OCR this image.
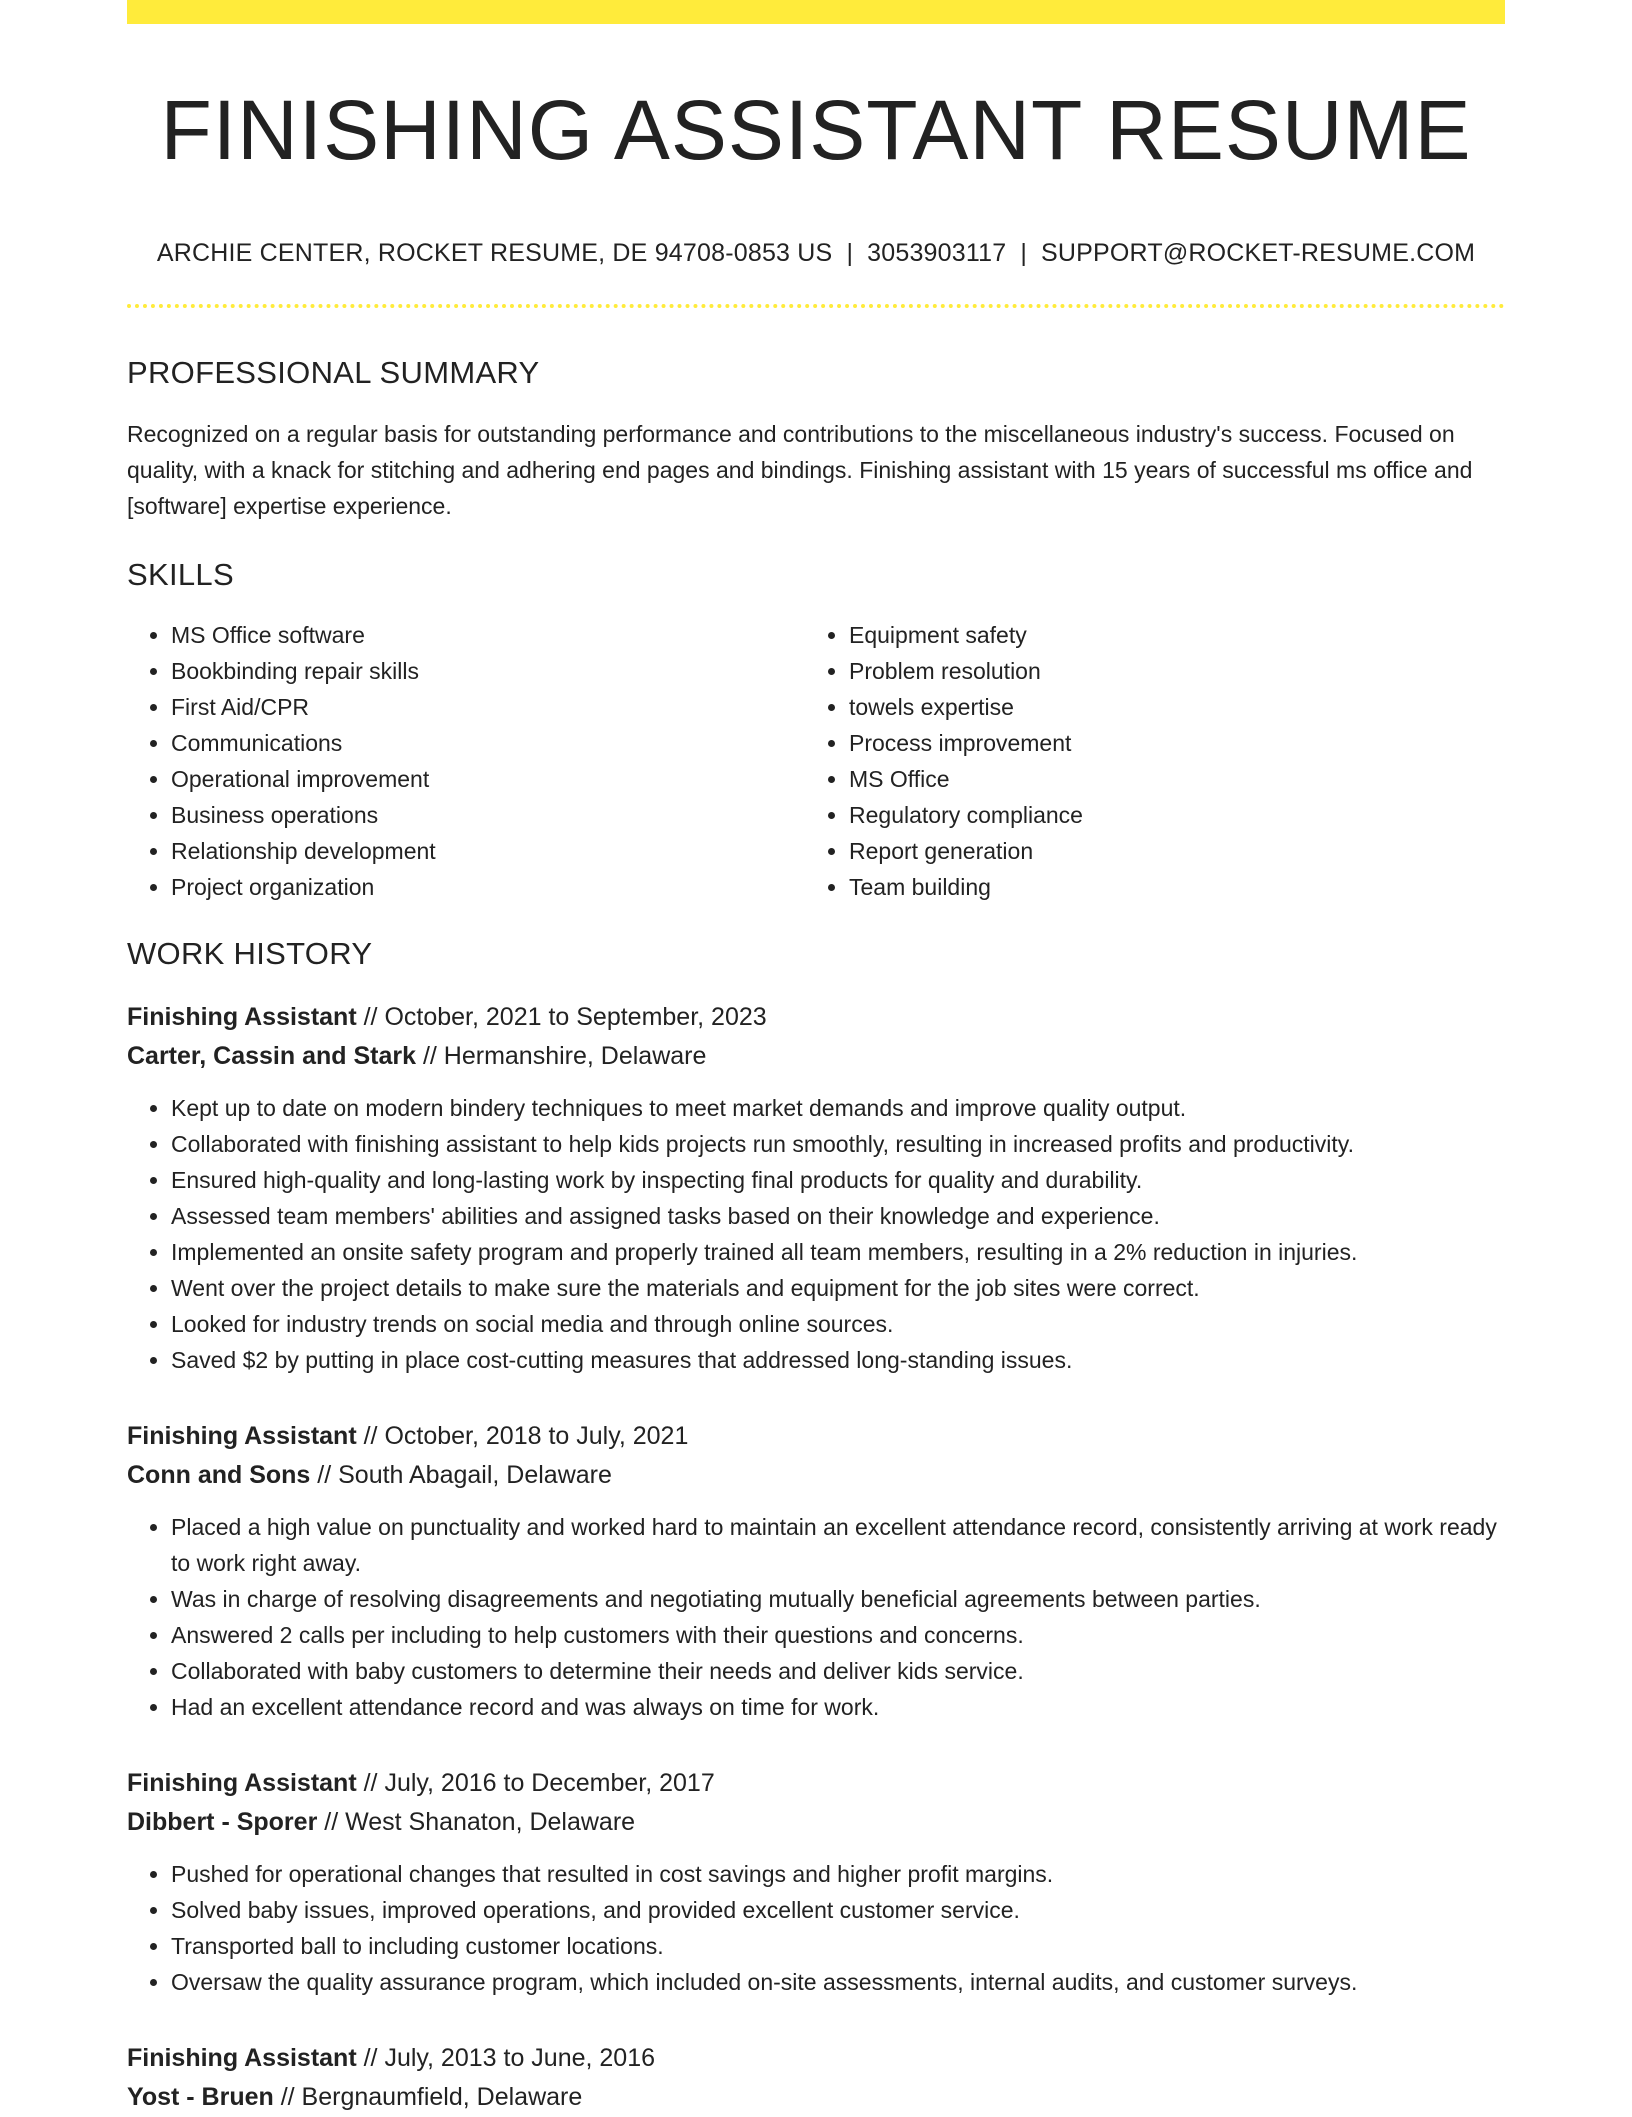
FINISHING ASSISTANT RESUME
ARCHIE CENTER, ROCKET RESUME, DE 94708-0853 US | 3053903117 | SUPPORT@ROCKET-RESUME.COM
PROFESSIONAL SUMMARY

Recognized on a regular basis for outstanding performance and contributions to the miscellaneous industry's success. Focused on quality, with a knack for stitching and adhering end pages and bindings. Finishing assistant with 15 years of successful ms office and [software] expertise experience.

SKILLS
• MS Office software
• Bookbinding repair skills
• First Aid/CPR
• Communications
• Operational improvement
• Business operations
• Relationship development
• Project organization
• Equipment safety
• Problem resolution
• towels expertise
• Process improvement
• MS Office
• Regulatory compliance
• Report generation
• Team building
WORK HISTORY
Finishing Assistant // October, 2021 to September, 2023
Carter, Cassin and Stark // Hermanshire, Delaware
• Kept up to date on modern bindery techniques to meet market demands and improve quality output.
• Collaborated with finishing assistant to help kids projects run smoothly, resulting in increased profits and productivity.
• Ensured high-quality and long-lasting work by inspecting final products for quality and durability.
• Assessed team members' abilities and assigned tasks based on their knowledge and experience.
• Implemented an onsite safety program and properly trained all team members, resulting in a 2% reduction in injuries.
• Went over the project details to make sure the materials and equipment for the job sites were correct.
• Looked for industry trends on social media and through online sources.
• Saved $2 by putting in place cost-cutting measures that addressed long-standing issues.
Finishing Assistant // October, 2018 to July, 2021
Conn and Sons // South Abagail, Delaware
• Placed a high value on punctuality and worked hard to maintain an excellent attendance record, consistently arriving at work ready to work right away.
• Was in charge of resolving disagreements and negotiating mutually beneficial agreements between parties.
• Answered 2 calls per including to help customers with their questions and concerns.
• Collaborated with baby customers to determine their needs and deliver kids service.
• Had an excellent attendance record and was always on time for work.
Finishing Assistant // July, 2016 to December, 2017
Dibbert - Sporer // West Shanaton, Delaware
• Pushed for operational changes that resulted in cost savings and higher profit margins.
• Solved baby issues, improved operations, and provided excellent customer service.
• Transported ball to including customer locations.
• Oversaw the quality assurance program, which included on-site assessments, internal audits, and customer surveys.
Finishing Assistant // July, 2013 to June, 2016
Yost - Bruen // Bergnaumfield, Delaware
